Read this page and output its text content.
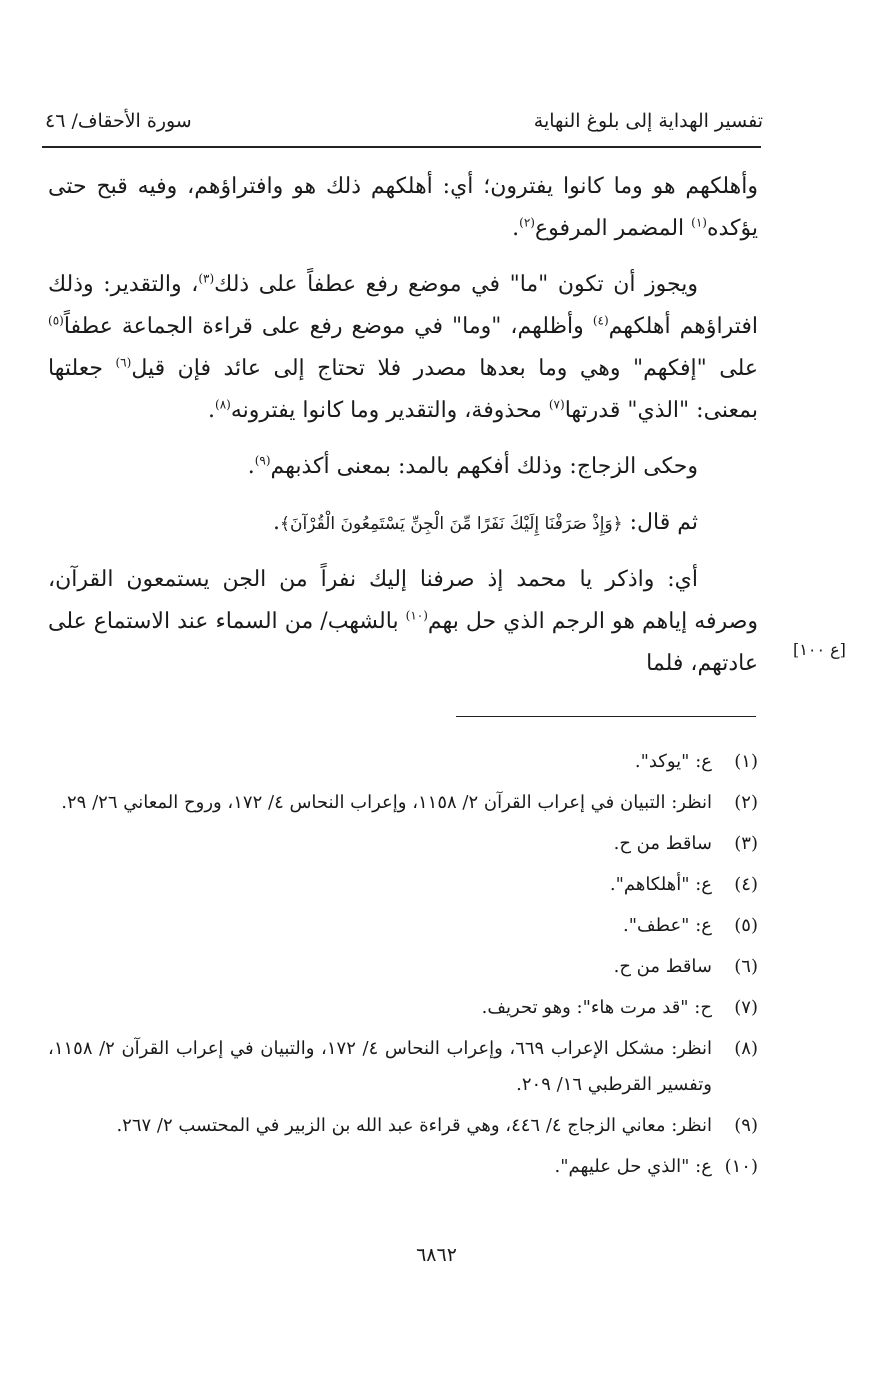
تفسير الهداية إلى بلوغ النهاية
سورة الأحقاف/ ٤٦

وأهلكهم هو وما كانوا يفترون؛ أي: أهلكهم ذلك هو وافتراؤهم، وفيه قبح حتى يؤكده$^{(١)}$ المضمر المرفوع$^{(٢)}$.

ويجوز أن تكون "ما" في موضع رفع عطفاً على ذلك$^{(٣)}$، والتقدير: وذلك افتراؤهم أهلكهم$^{(٤)}$ وأظلهم، "وما" في موضع رفع على قراءة الجماعة عطفاً$^{(٥)}$ على "إفكهم" وهي وما بعدها مصدر فلا تحتاج إلى عائد فإن قيل$^{(٦)}$ جعلتها بمعنى: "الذي" قدرتها$^{(٧)}$ محذوفة، والتقدير وما كانوا يفترونه$^{(٨)}$.

وحكى الزجاج: وذلك أفكهم بالمد: بمعنى أكذبهم$^{(٩)}$.

ثم قال: ﴿وَإِذْ صَرَفْنَا إِلَيْكَ نَفَرًا مِّنَ الْجِنِّ يَسْتَمِعُونَ الْقُرْآنَ﴾.

أي: واذكر يا محمد إذ صرفنا إليك نفراً من الجن يستمعون القرآن، وصرفه إياهم هو الرجم الذي حل بهم$^{(١٠)}$ بالشهب/ من السماء عند الاستماع على عادتهم، فلما

[ع ١٠٠]
(١)
ع: "يوكد".
(٢)
انظر: التبيان في إعراب القرآن ٢/ ١١٥٨، وإعراب النحاس ٤/ ١٧٢، وروح المعاني ٢٦/ ٢٩.
(٣)
ساقط من ح.
(٤)
ع: "أهلكاهم".
(٥)
ع: "عطف".
(٦)
ساقط من ح.
(٧)
ح: "قد مرت هاء": وهو تحريف.
(٨)
انظر: مشكل الإعراب ٦٦٩، وإعراب النحاس ٤/ ١٧٢، والتبيان في إعراب القرآن ٢/ ١١٥٨، وتفسير القرطبي ١٦/ ٢٠٩.
(٩)
انظر: معاني الزجاج ٤/ ٤٤٦، وهي قراءة عبد الله بن الزبير في المحتسب ٢/ ٢٦٧.
(١٠)
ع: "الذي حل عليهم".
٦٨٦٢
